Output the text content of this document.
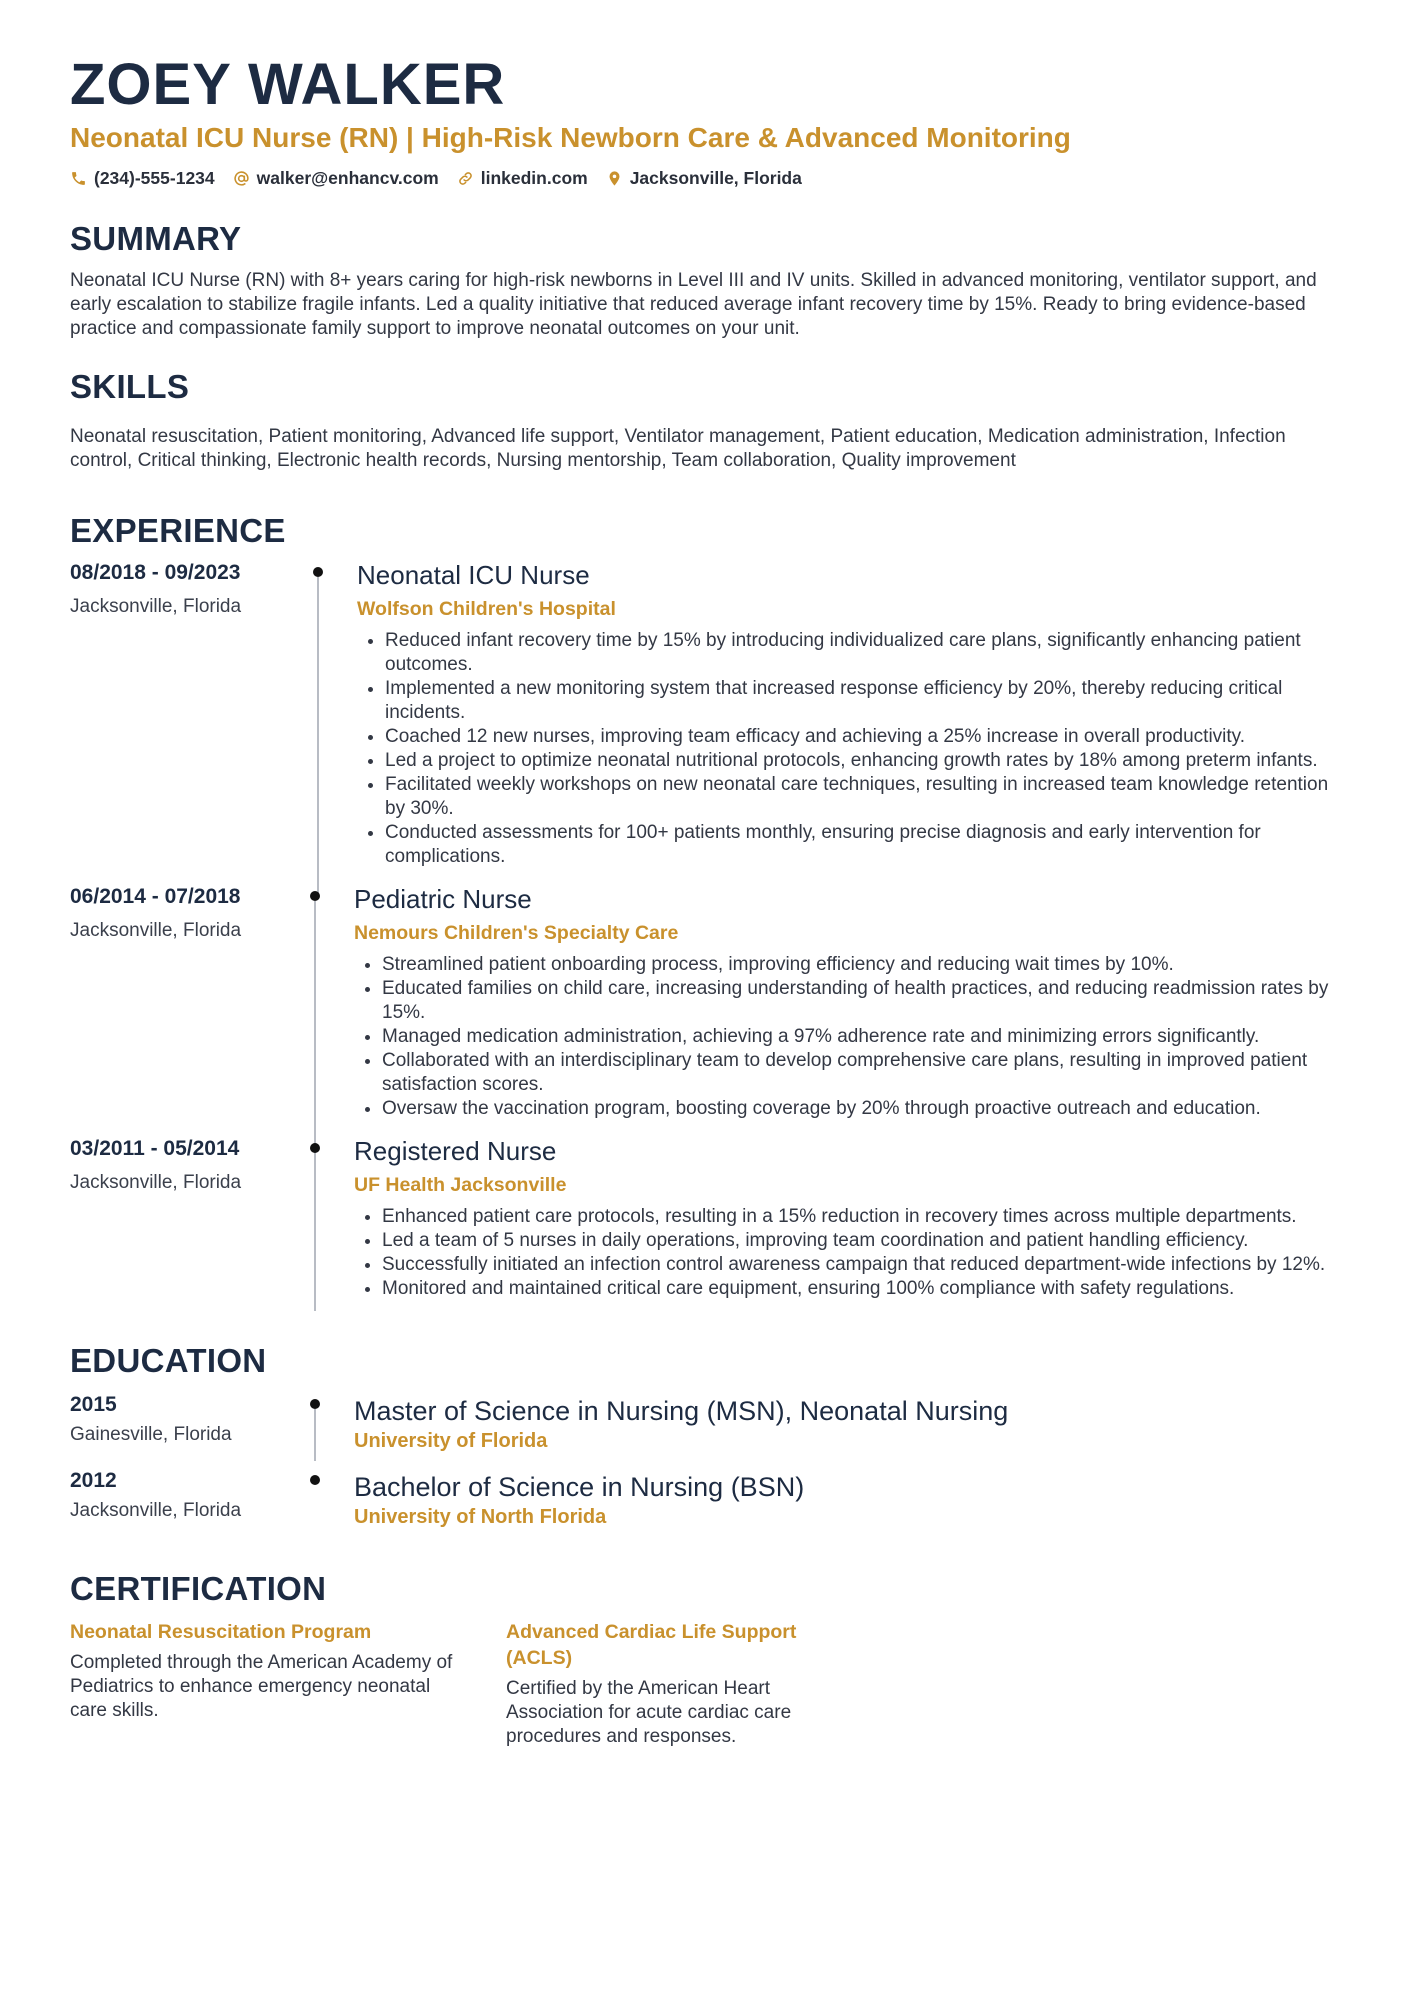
ZOEY WALKER
Neonatal ICU Nurse (RN) | High-Risk Newborn Care & Advanced Monitoring
(234)-555-1234 walker@enhancv.com linkedin.com Jacksonville, Florida
SUMMARY

Neonatal ICU Nurse (RN) with 8+ years caring for high-risk newborns in Level III and IV units. Skilled in advanced monitoring, ventilator support, and early escalation to stabilize fragile infants. Led a quality initiative that reduced average infant recovery time by 15%. Ready to bring evidence-based practice and compassionate family support to improve neonatal outcomes on your unit.

SKILLS

Neonatal resuscitation, Patient monitoring, Advanced life support, Ventilator management, Patient education, Medication administration, Infection control, Critical thinking, Electronic health records, Nursing mentorship, Team collaboration, Quality improvement

EXPERIENCE
08/2018 - 09/2023
Jacksonville, Florida
Neonatal ICU Nurse
Wolfson Children's Hospital
• Reduced infant recovery time by 15% by introducing individualized care plans, significantly enhancing patient outcomes.
• Implemented a new monitoring system that increased response efficiency by 20%, thereby reducing critical incidents.
• Coached 12 new nurses, improving team efficacy and achieving a 25% increase in overall productivity.
• Led a project to optimize neonatal nutritional protocols, enhancing growth rates by 18% among preterm infants.
• Facilitated weekly workshops on new neonatal care techniques, resulting in increased team knowledge retention by 30%.
• Conducted assessments for 100+ patients monthly, ensuring precise diagnosis and early intervention for complications.
06/2014 - 07/2018
Jacksonville, Florida
Pediatric Nurse
Nemours Children's Specialty Care
• Streamlined patient onboarding process, improving efficiency and reducing wait times by 10%.
• Educated families on child care, increasing understanding of health practices, and reducing readmission rates by 15%.
• Managed medication administration, achieving a 97% adherence rate and minimizing errors significantly.
• Collaborated with an interdisciplinary team to develop comprehensive care plans, resulting in improved patient satisfaction scores.
• Oversaw the vaccination program, boosting coverage by 20% through proactive outreach and education.
03/2011 - 05/2014
Jacksonville, Florida
Registered Nurse
UF Health Jacksonville
• Enhanced patient care protocols, resulting in a 15% reduction in recovery times across multiple departments.
• Led a team of 5 nurses in daily operations, improving team coordination and patient handling efficiency.
• Successfully initiated an infection control awareness campaign that reduced department-wide infections by 12%.
• Monitored and maintained critical care equipment, ensuring 100% compliance with safety regulations.
EDUCATION
2015
Gainesville, Florida
Master of Science in Nursing (MSN), Neonatal Nursing
University of Florida
2012
Jacksonville, Florida
Bachelor of Science in Nursing (BSN)
University of North Florida
CERTIFICATION
Neonatal Resuscitation Program
Completed through the American Academy of Pediatrics to enhance emergency neonatal care skills.
Advanced Cardiac Life Support (ACLS)
Certified by the American Heart Association for acute cardiac care procedures and responses.
